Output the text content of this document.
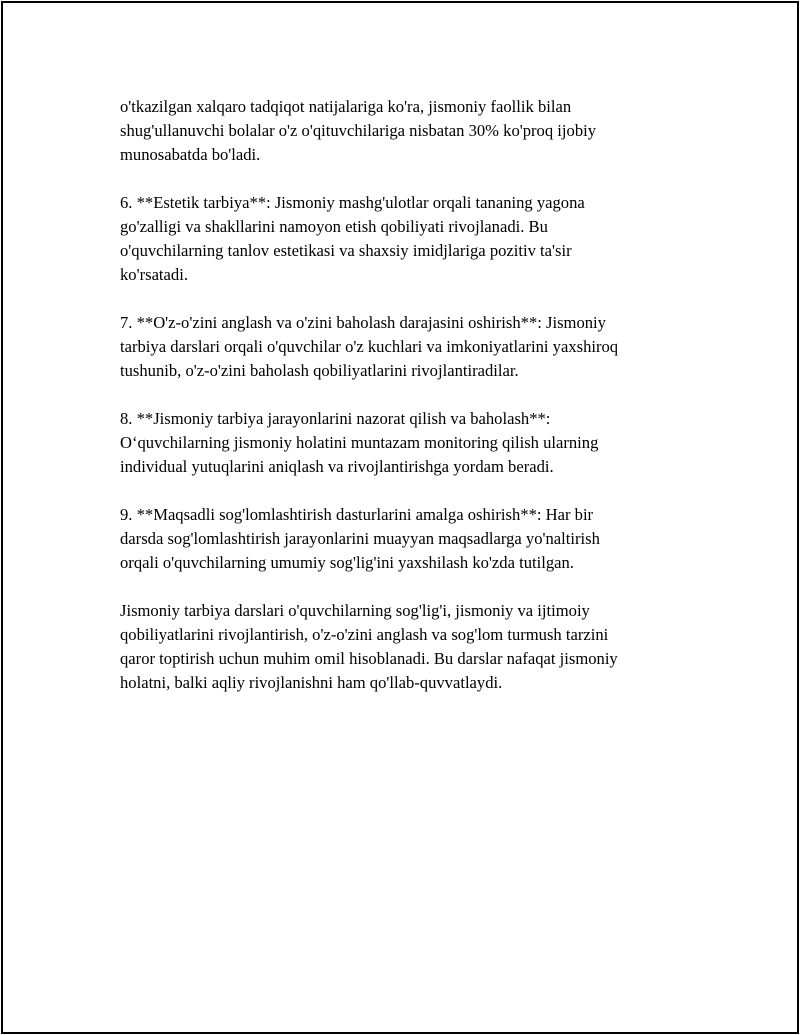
o'tkazilgan xalqaro tadqiqot natijalariga ko'ra, jismoniy faollik bilan
shug'ullanuvchi bolalar o'z o'qituvchilariga nisbatan 30% ko'proq ijobiy
munosabatda bo'ladi.

6. **Estetik tarbiya**: Jismoniy mashg'ulotlar orqali tananing yagona
go'zalligi va shakllarini namoyon etish qobiliyati rivojlanadi. Bu
o'quvchilarning tanlov estetikasi va shaxsiy imidjlariga pozitiv ta'sir
ko'rsatadi.

7. **O'z-o'zini anglash va o'zini baholash darajasini oshirish**: Jismoniy
tarbiya darslari orqali o'quvchilar o'z kuchlari va imkoniyatlarini yaxshiroq
tushunib, o'z-o'zini baholash qobiliyatlarini rivojlantiradilar.

8. **Jismoniy tarbiya jarayonlarini nazorat qilish va baholash**:
O‘quvchilarning jismoniy holatini muntazam monitoring qilish ularning
individual yutuqlarini aniqlash va rivojlantirishga yordam beradi.

9. **Maqsadli sog'lomlashtirish dasturlarini amalga oshirish**: Har bir
darsda sog'lomlashtirish jarayonlarini muayyan maqsadlarga yo'naltirish
orqali o'quvchilarning umumiy sog'lig'ini yaxshilash ko'zda tutilgan.

Jismoniy tarbiya darslari o'quvchilarning sog'lig'i, jismoniy va ijtimoiy
qobiliyatlarini rivojlantirish, o'z-o'zini anglash va sog'lom turmush tarzini
qaror toptirish uchun muhim omil hisoblanadi. Bu darslar nafaqat jismoniy
holatni, balki aqliy rivojlanishni ham qo'llab-quvvatlaydi.
